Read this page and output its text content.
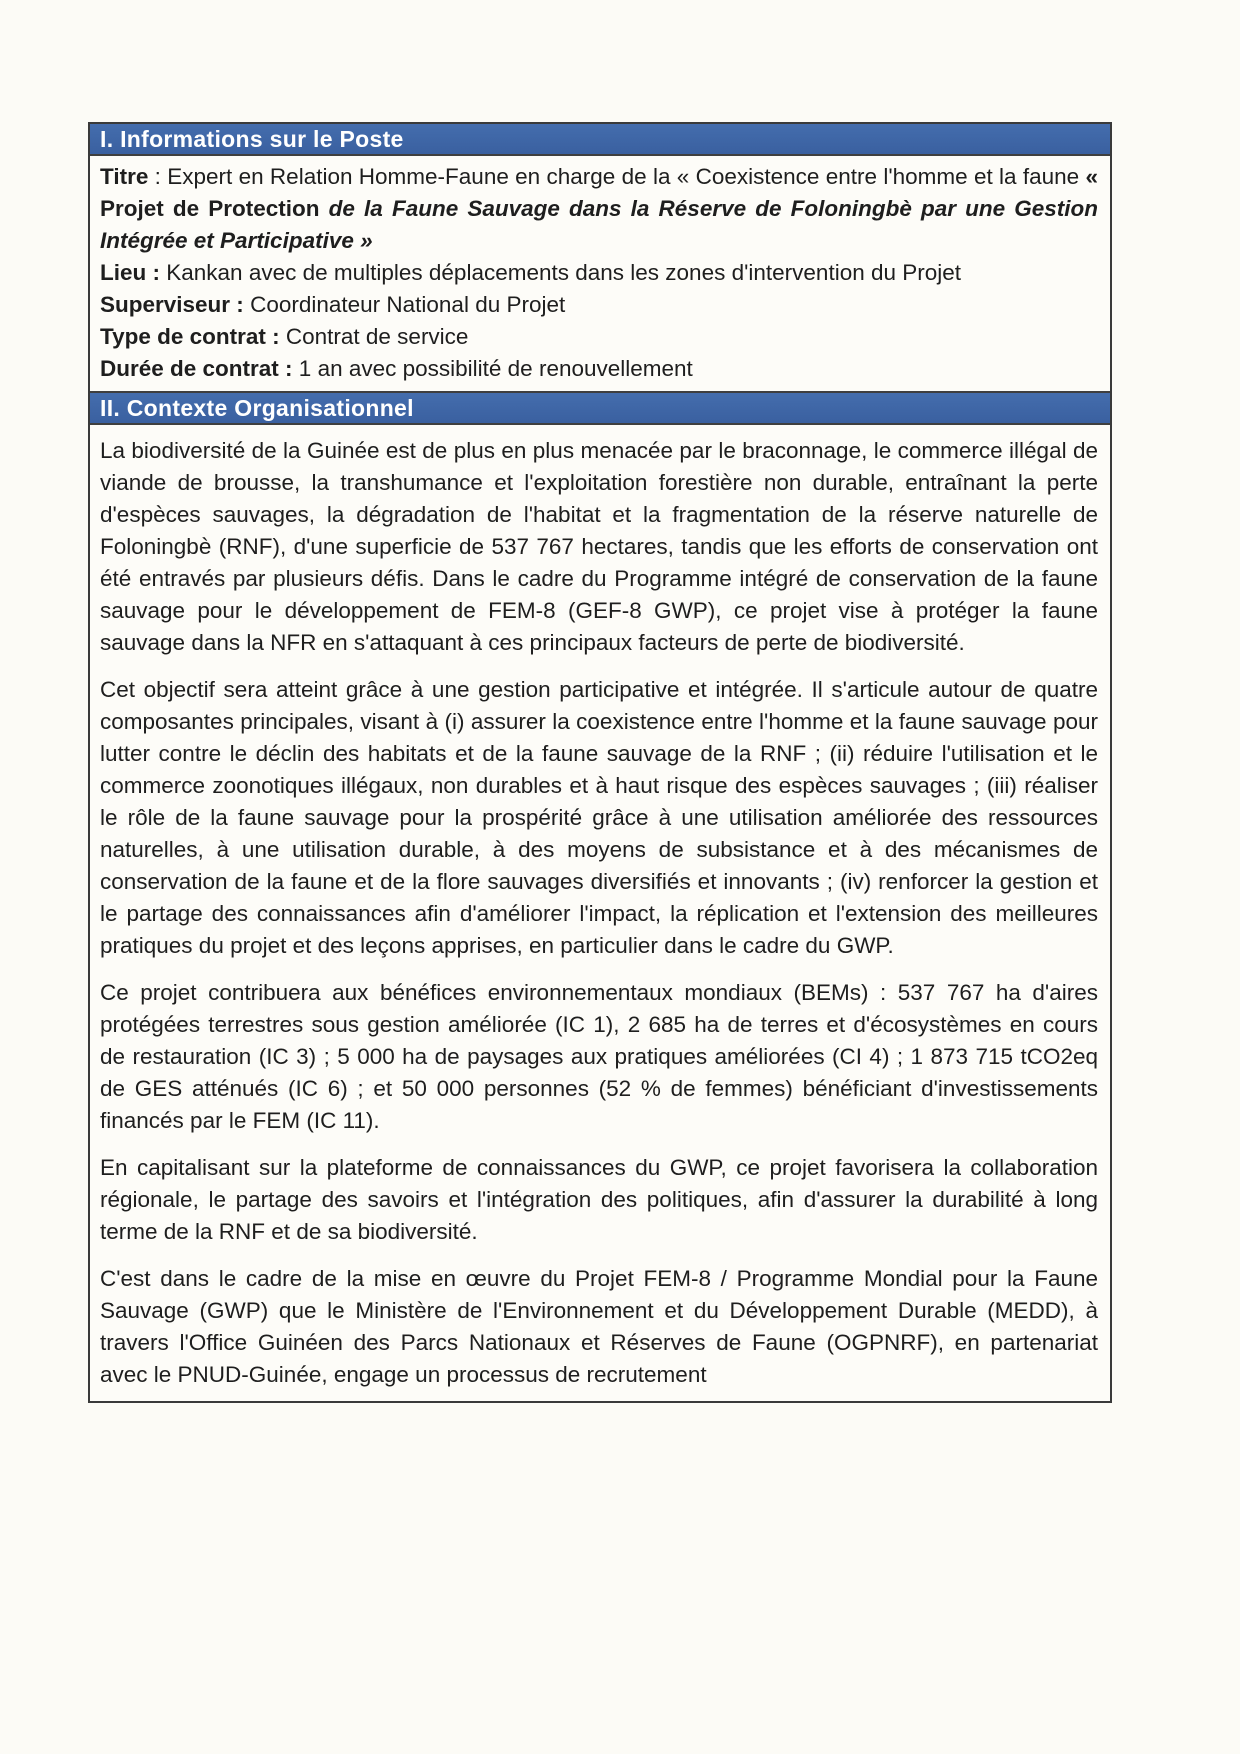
I. Informations sur le Poste

Titre : Expert en Relation Homme-Faune en charge de la « Coexistence entre l'homme et la faune « Projet de Protection de la Faune Sauvage dans la Réserve de Foloningbè par une Gestion Intégrée et Participative »

Lieu : Kankan avec de multiples déplacements dans les zones d'intervention du Projet

Superviseur : Coordinateur National du Projet

Type de contrat : Contrat de service

Durée de contrat : 1 an avec possibilité de renouvellement

II. Contexte Organisationnel

La biodiversité de la Guinée est de plus en plus menacée par le braconnage, le commerce illégal de viande de brousse, la transhumance et l'exploitation forestière non durable, entraînant la perte d'espèces sauvages, la dégradation de l'habitat et la fragmentation de la réserve naturelle de Foloningbè (RNF), d'une superficie de 537 767 hectares, tandis que les efforts de conservation ont été entravés par plusieurs défis. Dans le cadre du Programme intégré de conservation de la faune sauvage pour le développement de FEM-8 (GEF-8 GWP), ce projet vise à protéger la faune sauvage dans la NFR en s'attaquant à ces principaux facteurs de perte de biodiversité.

Cet objectif sera atteint grâce à une gestion participative et intégrée. Il s'articule autour de quatre composantes principales, visant à (i) assurer la coexistence entre l'homme et la faune sauvage pour lutter contre le déclin des habitats et de la faune sauvage de la RNF ; (ii) réduire l'utilisation et le commerce zoonotiques illégaux, non durables et à haut risque des espèces sauvages ; (iii) réaliser le rôle de la faune sauvage pour la prospérité grâce à une utilisation améliorée des ressources naturelles, à une utilisation durable, à des moyens de subsistance et à des mécanismes de conservation de la faune et de la flore sauvages diversifiés et innovants ; (iv) renforcer la gestion et le partage des connaissances afin d'améliorer l'impact, la réplication et l'extension des meilleures pratiques du projet et des leçons apprises, en particulier dans le cadre du GWP.

Ce projet contribuera aux bénéfices environnementaux mondiaux (BEMs) : 537 767 ha d'aires protégées terrestres sous gestion améliorée (IC 1), 2 685 ha de terres et d'écosystèmes en cours de restauration (IC 3) ; 5 000 ha de paysages aux pratiques améliorées (CI 4) ; 1 873 715 tCO2eq de GES atténués (IC 6) ; et 50 000 personnes (52 % de femmes) bénéficiant d'investissements financés par le FEM (IC 11).

En capitalisant sur la plateforme de connaissances du GWP, ce projet favorisera la collaboration régionale, le partage des savoirs et l'intégration des politiques, afin d'assurer la durabilité à long terme de la RNF et de sa biodiversité.

C'est dans le cadre de la mise en œuvre du Projet FEM-8 / Programme Mondial pour la Faune Sauvage (GWP) que le Ministère de l'Environnement et du Développement Durable (MEDD), à travers l'Office Guinéen des Parcs Nationaux et Réserves de Faune (OGPNRF), en partenariat avec le PNUD-Guinée, engage un processus de recrutement
